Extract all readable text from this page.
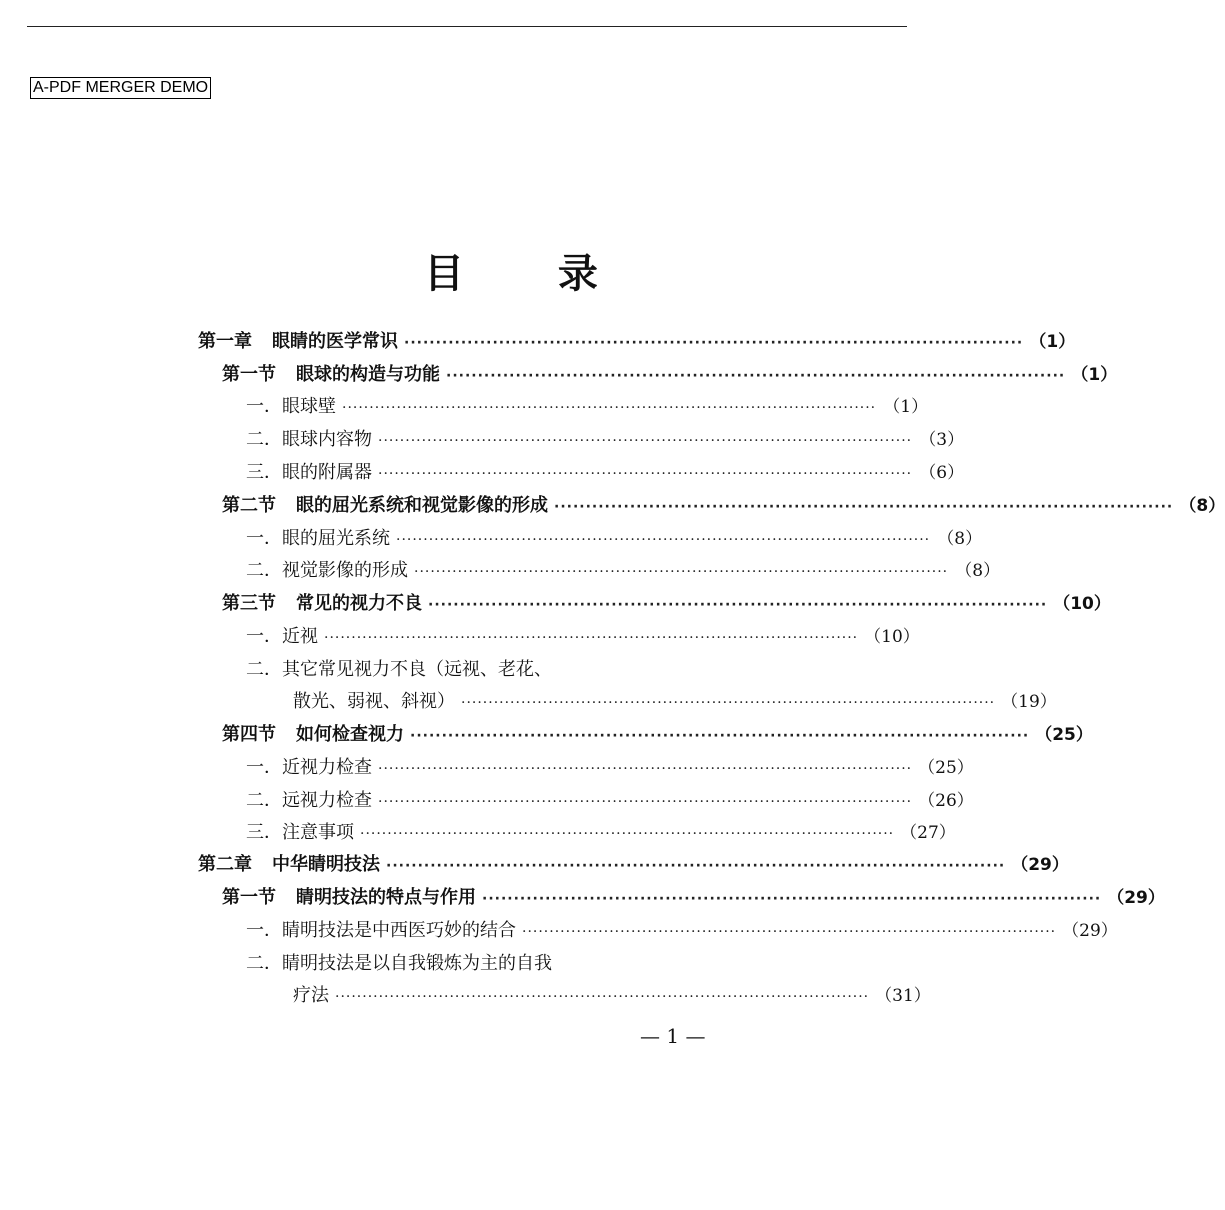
A-PDF MERGER DEMO
目 录
第一章 眼睛的医学常识 ·································································································· （1）
第一节 眼球的构造与功能 ·································································································· （1）
一． 眼球壁 ·································································································· （1）
二． 眼球内容物 ·································································································· （3）
三． 眼的附属器 ·································································································· （6）
第二节 眼的屈光系统和视觉影像的形成 ·································································································· （8）
一． 眼的屈光系统 ·································································································· （8）
二． 视觉影像的形成 ·································································································· （8）
第三节 常见的视力不良 ·································································································· （10）
一． 近视 ·································································································· （10）
二． 其它常见视力不良（远视、老花、
散光、弱视、斜视） ·································································································· （19）
第四节 如何检查视力 ·································································································· （25）
一． 近视力检查 ·································································································· （25）
二． 远视力检查 ·································································································· （26）
三． 注意事项 ·································································································· （27）
第二章 中华睛明技法 ·································································································· （29）
第一节 睛明技法的特点与作用 ·································································································· （29）
一． 睛明技法是中西医巧妙的结合 ·································································································· （29）
二． 睛明技法是以自我锻炼为主的自我
疗法 ·································································································· （31）
— 1 —
